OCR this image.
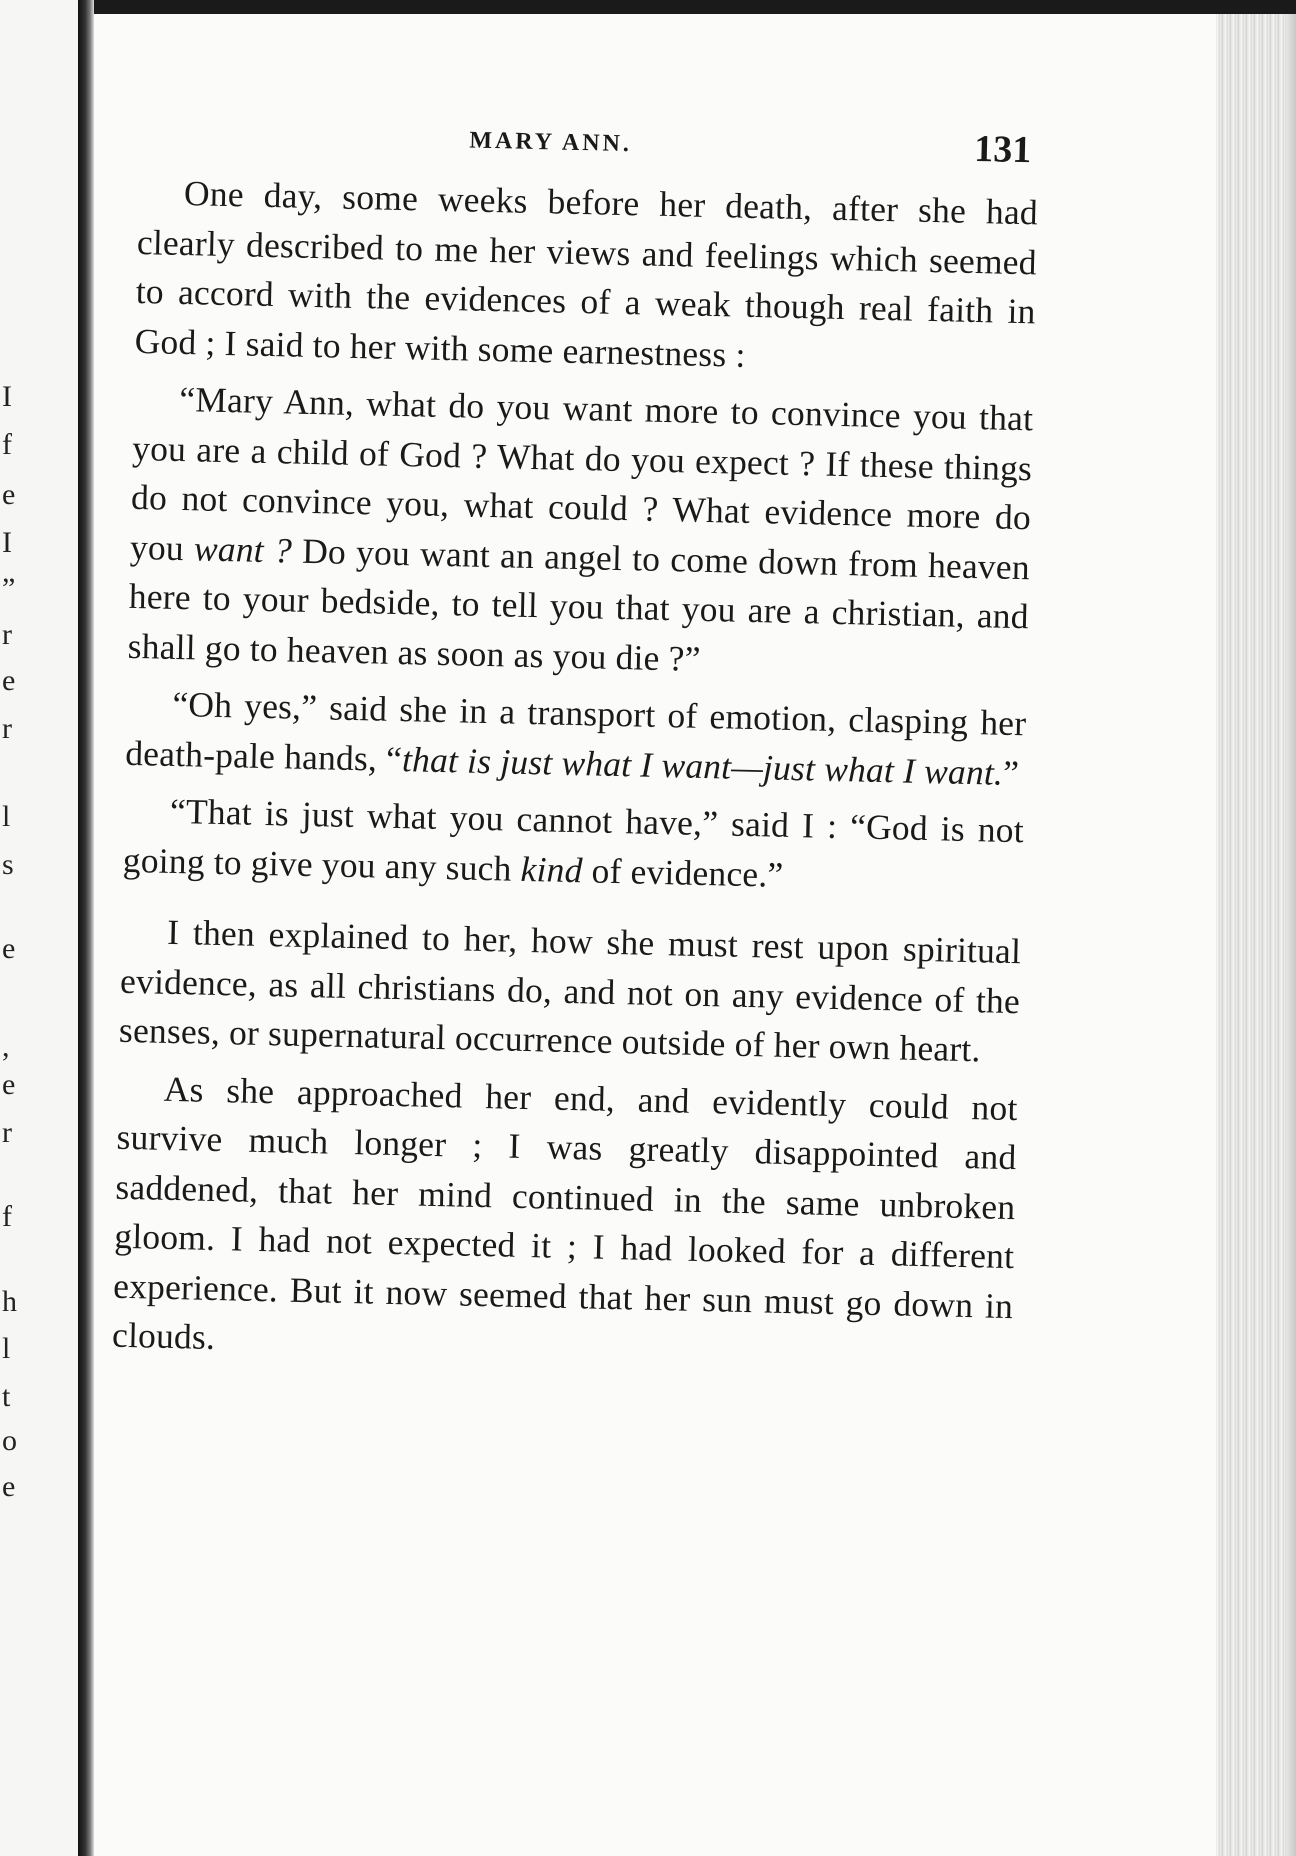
I
f
e
I
”
r
e
r
l
s
e
,
e
r
f
h
l
t
o
e
MARY ANN.	131

One day, some weeks before her death, after she had clearly described to me her views and feelings which seemed to accord with the evidences of a weak though real faith in God ; I said to her with some earnestness :

“Mary Ann, what do you want more to convince you that you are a child of God ? What do you expect ? If these things do not convince you, what could ? What evidence more do you want ? Do you want an angel to come down from heaven here to your bedside, to tell you that you are a christian, and shall go to heaven as soon as you die ?”

“Oh yes,” said she in a transport of emotion, clasping her death-pale hands, “that is just what I want—just what I want.”

“That is just what you cannot have,” said I : “God is not going to give you any such kind of evidence.”

I then explained to her, how she must rest upon spiritual evidence, as all christians do, and not on any evidence of the senses, or supernatural occurrence outside of her own heart.

As she approached her end, and evidently could not survive much longer ; I was greatly disappointed and saddened, that her mind continued in the same unbroken gloom. I had not expected it ; I had looked for a different experience. But it now seemed that her sun must go down in clouds.
